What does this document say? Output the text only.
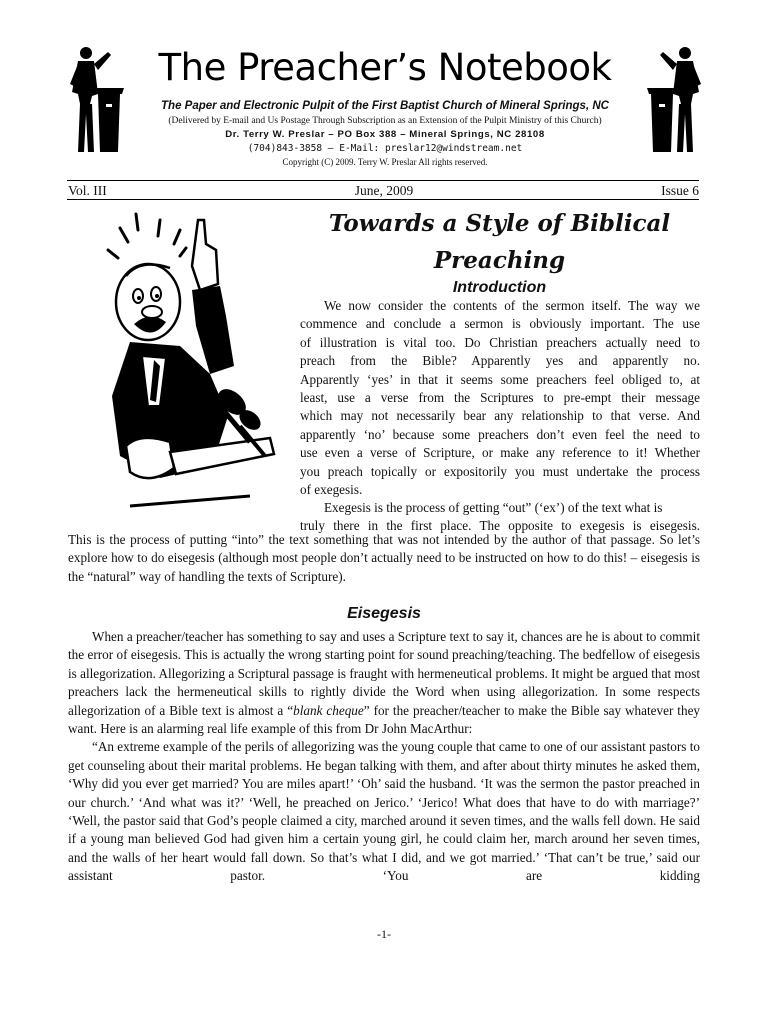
The Preacher’s Notebook
The Paper and Electronic Pulpit of the First Baptist Church of Mineral Springs, NC
(Delivered by E-mail and Us Postage Through Subscription as an Extension of the Pulpit Ministry of this Church)
Dr. Terry W. Preslar – PO Box 388 – Mineral Springs, NC 28108
(704)843-3858 – E-Mail: preslar12@windstream.net
Copyright (C) 2009. Terry W. Preslar All rights reserved.
Vol. III	June, 2009	Issue 6
Towards a Style of Biblical
Preaching
Introduction
We now consider the contents of the sermon itself. The way we
commence and conclude a sermon is obviously important. The use
of illustration is vital too. Do Christian preachers actually need to
preach from the Bible? Apparently yes and apparently no.
Apparently ‘yes’ in that it seems some preachers feel obliged to, at
least, use a verse from the Scriptures to pre-empt their message
which may not necessarily bear any relationship to that verse. And
apparently ‘no’ because some preachers don’t even feel the need to
use even a verse of Scripture, or make any reference to it! Whether
you preach topically or expositorily you must undertake the process
of exegesis.

Exegesis is the process of getting “out” (‘ex’) of the text what is

truly there in the first place. The opposite to exegesis is eisegesis.

This is the process of putting “into” the text something that was not intended by the author of that passage. So let’s explore how to do eisegesis (although most people don’t actually need to be instructed on how to do this! – eisegesis is the “natural” way of handling the texts of Scripture).

Eisegesis

When a preacher/teacher has something to say and uses a Scripture text to say it, chances are he is about to commit the error of eisegesis. This is actually the wrong starting point for sound preaching/teaching. The bedfellow of eisegesis is allegorization. Allegorizing a Scriptural passage is fraught with hermeneutical problems. It might be argued that most preachers lack the hermeneutical skills to rightly divide the Word when using allegorization. In some respects allegorization of a Bible text is almost a “blank cheque” for the preacher/teacher to make the Bible say whatever they want. Here is an alarming real life example of this from Dr John MacArthur:

“An extreme example of the perils of allegorizing was the young couple that came to one of our assistant pastors to get counseling about their marital problems. He began talking with them, and after about thirty minutes he asked them, ‘Why did you ever get married? You are miles apart!’ ‘Oh’ said the husband. ‘It was the sermon the pastor preached in our church.’ ‘And what was it?’ ‘Well, he preached on Jerico.’ ‘Jerico! What does that have to do with marriage?’ ‘Well, the pastor said that God’s people claimed a city, marched around it seven times, and the walls fell down. He said if a young man believed God had given him a certain young girl, he could claim her, march around her seven times, and the walls of her heart would fall down. So that’s what I did, and we got married.’ ‘That can’t be true,’ said our assistant pastor. ‘You are kidding

-1-
